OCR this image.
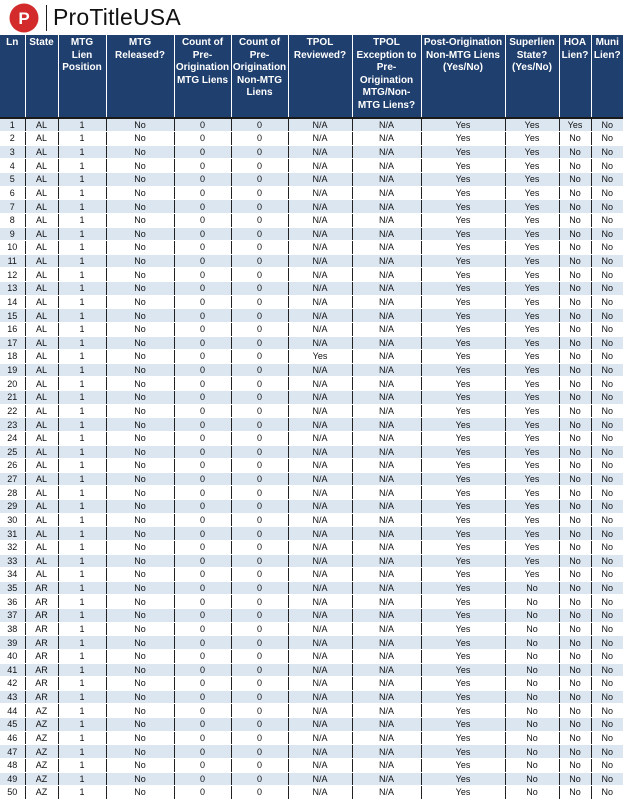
P ProTitleUSA
Ln	State	MTG Lien Position	MTG Released?	Count of Pre-Origination MTG Liens	Count of Pre-Origination Non-MTG Liens	TPOL Reviewed?	TPOL Exception to Pre-Origination MTG/Non-MTG Liens?	Post-Origination Non-MTG Liens (Yes/No)	Superlien State? (Yes/No)	HOA Lien?	Muni Lien?
1	AL	1	No	0	0	N/A	N/A	Yes	Yes	Yes	No
2	AL	1	No	0	0	N/A	N/A	Yes	Yes	No	No
3	AL	1	No	0	0	N/A	N/A	Yes	Yes	No	No
4	AL	1	No	0	0	N/A	N/A	Yes	Yes	No	No
5	AL	1	No	0	0	N/A	N/A	Yes	Yes	No	No
6	AL	1	No	0	0	N/A	N/A	Yes	Yes	No	No
7	AL	1	No	0	0	N/A	N/A	Yes	Yes	No	No
8	AL	1	No	0	0	N/A	N/A	Yes	Yes	No	No
9	AL	1	No	0	0	N/A	N/A	Yes	Yes	No	No
10	AL	1	No	0	0	N/A	N/A	Yes	Yes	No	No
11	AL	1	No	0	0	N/A	N/A	Yes	Yes	No	No
12	AL	1	No	0	0	N/A	N/A	Yes	Yes	No	No
13	AL	1	No	0	0	N/A	N/A	Yes	Yes	No	No
14	AL	1	No	0	0	N/A	N/A	Yes	Yes	No	No
15	AL	1	No	0	0	N/A	N/A	Yes	Yes	No	No
16	AL	1	No	0	0	N/A	N/A	Yes	Yes	No	No
17	AL	1	No	0	0	N/A	N/A	Yes	Yes	No	No
18	AL	1	No	0	0	Yes	N/A	Yes	Yes	No	No
19	AL	1	No	0	0	N/A	N/A	Yes	Yes	No	No
20	AL	1	No	0	0	N/A	N/A	Yes	Yes	No	No
21	AL	1	No	0	0	N/A	N/A	Yes	Yes	No	No
22	AL	1	No	0	0	N/A	N/A	Yes	Yes	No	No
23	AL	1	No	0	0	N/A	N/A	Yes	Yes	No	No
24	AL	1	No	0	0	N/A	N/A	Yes	Yes	No	No
25	AL	1	No	0	0	N/A	N/A	Yes	Yes	No	No
26	AL	1	No	0	0	N/A	N/A	Yes	Yes	No	No
27	AL	1	No	0	0	N/A	N/A	Yes	Yes	No	No
28	AL	1	No	0	0	N/A	N/A	Yes	Yes	No	No
29	AL	1	No	0	0	N/A	N/A	Yes	Yes	No	No
30	AL	1	No	0	0	N/A	N/A	Yes	Yes	No	No
31	AL	1	No	0	0	N/A	N/A	Yes	Yes	No	No
32	AL	1	No	0	0	N/A	N/A	Yes	Yes	No	No
33	AL	1	No	0	0	N/A	N/A	Yes	Yes	No	No
34	AL	1	No	0	0	N/A	N/A	Yes	Yes	No	No
35	AR	1	No	0	0	N/A	N/A	Yes	No	No	No
36	AR	1	No	0	0	N/A	N/A	Yes	No	No	No
37	AR	1	No	0	0	N/A	N/A	Yes	No	No	No
38	AR	1	No	0	0	N/A	N/A	Yes	No	No	No
39	AR	1	No	0	0	N/A	N/A	Yes	No	No	No
40	AR	1	No	0	0	N/A	N/A	Yes	No	No	No
41	AR	1	No	0	0	N/A	N/A	Yes	No	No	No
42	AR	1	No	0	0	N/A	N/A	Yes	No	No	No
43	AR	1	No	0	0	N/A	N/A	Yes	No	No	No
44	AZ	1	No	0	0	N/A	N/A	Yes	No	No	No
45	AZ	1	No	0	0	N/A	N/A	Yes	No	No	No
46	AZ	1	No	0	0	N/A	N/A	Yes	No	No	No
47	AZ	1	No	0	0	N/A	N/A	Yes	No	No	No
48	AZ	1	No	0	0	N/A	N/A	Yes	No	No	No
49	AZ	1	No	0	0	N/A	N/A	Yes	No	No	No
50	AZ	1	No	0	0	N/A	N/A	Yes	No	No	No
